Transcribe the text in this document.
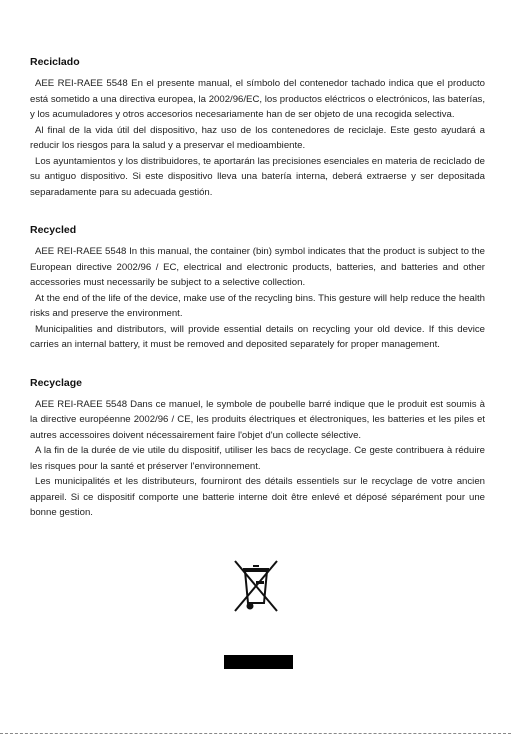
Reciclado

AEE REI-RAEE 5548 En el presente manual, el símbolo del contenedor tachado indica que el producto está sometido a una directiva europea, la 2002/96/EC, los productos eléctricos o electrónicos, las baterías, y los acumuladores y otros accesorios necesariamente han de ser objeto de una recogida selectiva.

Al final de la vida útil del dispositivo, haz uso de los contenedores de reciclaje. Este gesto ayudará a reducir los riesgos para la salud y a preservar el medioambiente.

Los ayuntamientos y los distribuidores, te aportarán las precisiones esenciales en materia de reciclado de su antiguo dispositivo. Si este dispositivo lleva una batería interna, deberá extraerse y ser depositada separadamente para su adecuada gestión.

Recycled

AEE REI-RAEE 5548 In this manual, the container (bin) symbol indicates that the product is subject to the European directive 2002/96 / EC, electrical and electronic products, batteries, and batteries and other accessories must necessarily be subject to a selective collection.

At the end of the life of the device, make use of the recycling bins. This gesture will help reduce the health risks and preserve the environment.

Municipalities and distributors, will provide essential details on recycling your old device. If this device carries an internal battery, it must be removed and deposited separately for proper management.

Recyclage

AEE REI-RAEE 5548 Dans ce manuel, le symbole de poubelle barré indique que le produit est soumis à la directive européenne 2002/96 / CE, les produits électriques et électroniques, les batteries et les piles et autres accessoires doivent nécessairement faire l'objet d'un collecte sélective.

A la fin de la durée de vie utile du dispositif, utiliser les bacs de recyclage. Ce geste contribuera à réduire les risques pour la santé et préserver l'environnement.

Les municipalités et les distributeurs, fourniront des détails essentiels sur le recyclage de votre ancien appareil. Si ce dispositif comporte une batterie interne doit être enlevé et déposé séparément pour une bonne gestion.
